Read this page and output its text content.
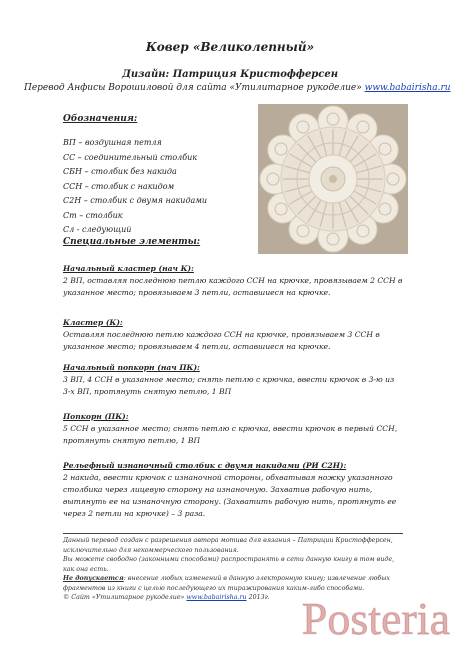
Ковер «Великолепный»
Дизайн: Патриция Кристофферсен
Перевод Анфисы Ворошиловой для сайта «Утилитарное рукоделие» www.babairisha.ru
Обозначения:
ВП – воздушная петля
СС – соединительный столбик
СБН – столбик без накида
ССН – столбик с накидом
С2Н – столбик с двумя накидами
Ст – столбик
Сл - следующий
Специальные элементы:
Начальный кластер (нач К):
2 ВП, оставляя последнюю петлю каждого ССН на крючке, провязываем 2 ССН в указанное место; провязываем 3 петли, оставшиеся на крючке.
Кластер (К):
Оставляя последнюю петлю каждого ССН на крючке, провязываем 3 ССН в указанное место; провязываем 4 петли, оставшиеся на крючке.
Начальный попкорн (нач ПК):
3 ВП, 4 ССН в указанное место; снять петлю с крючка, ввести крючок в 3-ю из 3-х ВП, протянуть снятую петлю, 1 ВП
Попкорн (ПК):
5 ССН в указанное место; снять петлю с крючка, ввести крючок в первый ССН, протянуть снятую петлю, 1 ВП
Рельефный изнаночный столбик с двумя накидами (РИ С2Н):
2 накида, ввести крючок с изнаночной стороны, обхватывая ножку указанного столбика через лицевую сторону на изнаночную. Захватив рабочую нить, вытянуть ее на изнаночную сторону. (Захватить рабочую нить, протянуть ее через 2 петли на крючке) – 3 раза.
Данный перевод создан с разрешения автора мотива для вязания – Патриции Кристофферсен, исключительно для некоммерческого пользования.
Вы можете свободно (законными способами) распространять в сети данную книгу в том виде, как она есть.
Не допускается: внесение любых изменений в данную электронную книгу; извлечение любых фрагментов из книги с целью последующего их тиражирования каким-либо способами.
© Сайт «Утилитарное рукоделие» www.babairisha.ru 2013г. Posteria
